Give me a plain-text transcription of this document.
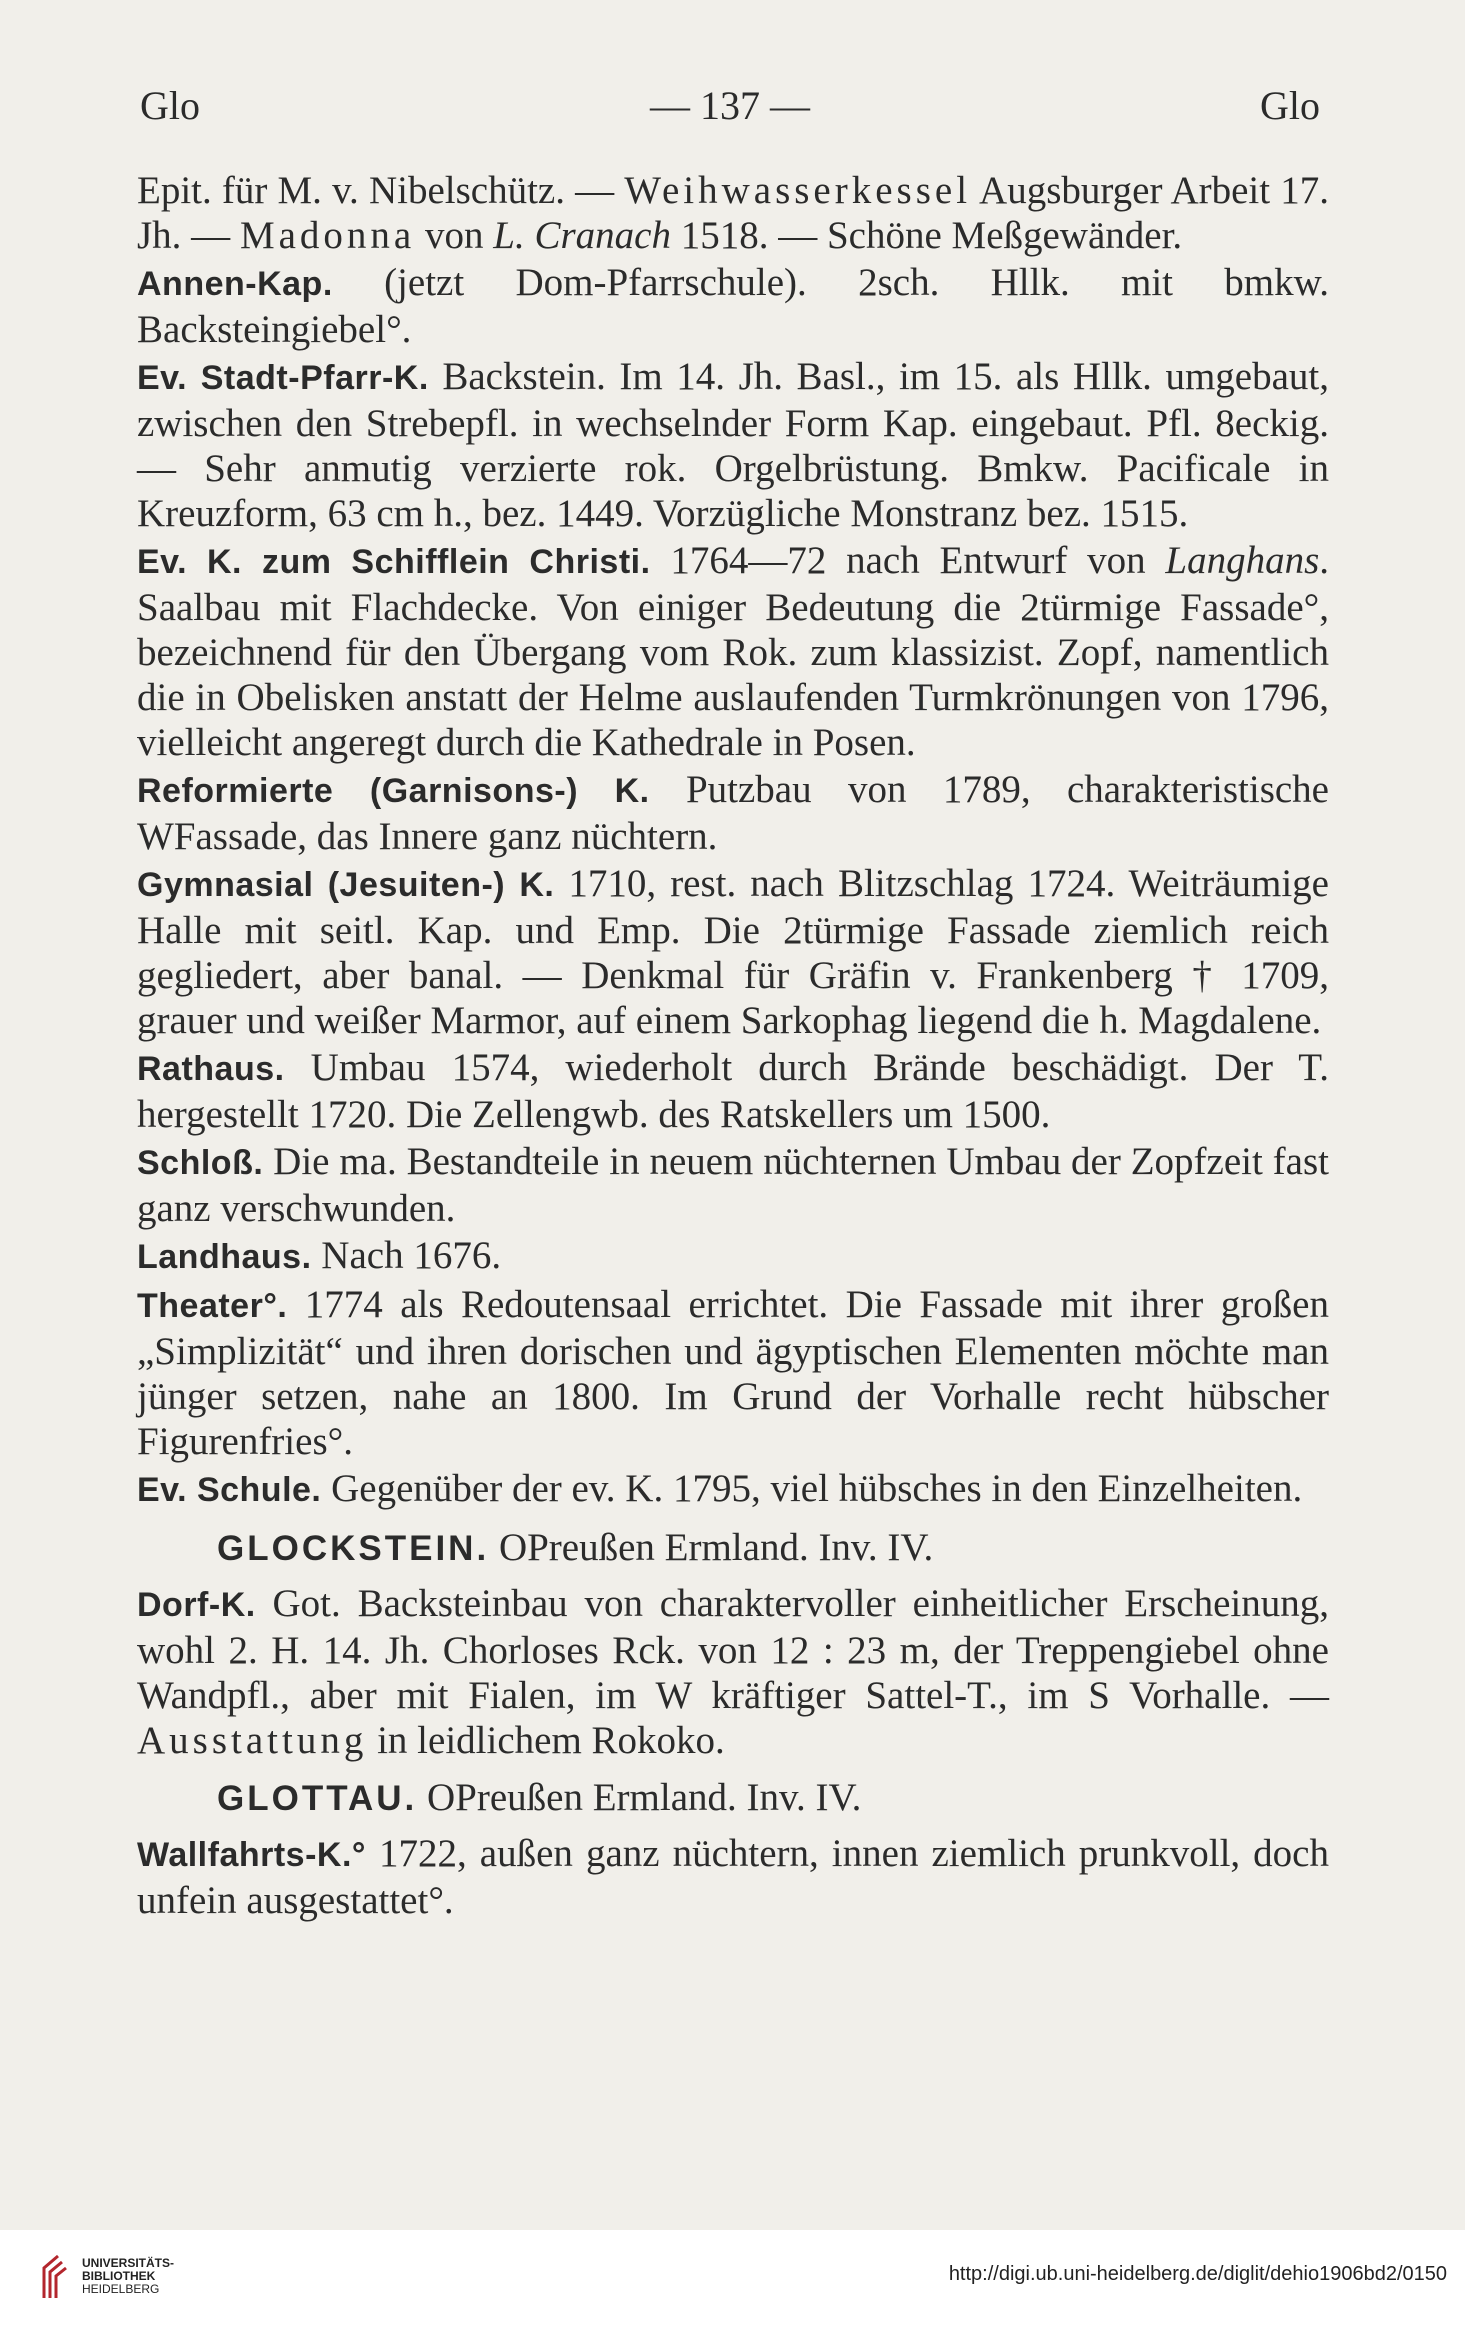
Glo	— 137 —	Glo

Epit. für M. v. Nibelschütz. — Weihwasserkessel Augsburger Arbeit 17. Jh. — Madonna von L. Cranach 1518. — Schöne Meßgewänder.

Annen-Kap. (jetzt Dom-Pfarrschule). 2sch. Hllk. mit bmkw. Backsteingiebel°.

Ev. Stadt-Pfarr-K. Backstein. Im 14. Jh. Basl., im 15. als Hllk. umgebaut, zwischen den Strebepfl. in wechselnder Form Kap. eingebaut. Pfl. 8eckig. — Sehr anmutig verzierte rok. Orgelbrüstung. Bmkw. Pacificale in Kreuzform, 63 cm h., bez. 1449. Vorzügliche Monstranz bez. 1515.

Ev. K. zum Schifflein Christi. 1764—72 nach Entwurf von Langhans. Saalbau mit Flachdecke. Von einiger Bedeutung die 2türmige Fassade°, bezeichnend für den Übergang vom Rok. zum klassizist. Zopf, namentlich die in Obelisken anstatt der Helme auslaufenden Turmkrönungen von 1796, vielleicht angeregt durch die Kathedrale in Posen.

Reformierte (Garnisons-) K. Putzbau von 1789, charakteristische WFassade, das Innere ganz nüchtern.

Gymnasial (Jesuiten-) K. 1710, rest. nach Blitzschlag 1724. Weiträumige Halle mit seitl. Kap. und Emp. Die 2türmige Fassade ziemlich reich gegliedert, aber banal. — Denkmal für Gräfin v. Frankenberg † 1709, grauer und weißer Marmor, auf einem Sarkophag liegend die h. Magdalene.

Rathaus. Umbau 1574, wiederholt durch Brände beschädigt. Der T. hergestellt 1720. Die Zellengwb. des Ratskellers um 1500.

Schloß. Die ma. Bestandteile in neuem nüchternen Umbau der Zopfzeit fast ganz verschwunden.

Landhaus. Nach 1676.

Theater°. 1774 als Redoutensaal errichtet. Die Fassade mit ihrer großen „Simplizität“ und ihren dorischen und ägyptischen Elementen möchte man jünger setzen, nahe an 1800. Im Grund der Vorhalle recht hübscher Figurenfries°.

Ev. Schule. Gegenüber der ev. K. 1795, viel hübsches in den Einzelheiten.

GLOCKSTEIN. OPreußen Ermland. Inv. IV.

Dorf-K. Got. Backsteinbau von charaktervoller einheitlicher Erscheinung, wohl 2. H. 14. Jh. Chorloses Rck. von 12 : 23 m, der Treppengiebel ohne Wandpfl., aber mit Fialen, im W kräftiger Sattel-T., im S Vorhalle. — Ausstattung in leidlichem Rokoko.

GLOTTAU. OPreußen Ermland. Inv. IV.

Wallfahrts-K.° 1722, außen ganz nüchtern, innen ziemlich prunkvoll, doch unfein ausgestattet°.

UNIVERSITÄTS-
BIBLIOTHEK
HEIDELBERG
http://digi.ub.uni-heidelberg.de/diglit/dehio1906bd2/0150
